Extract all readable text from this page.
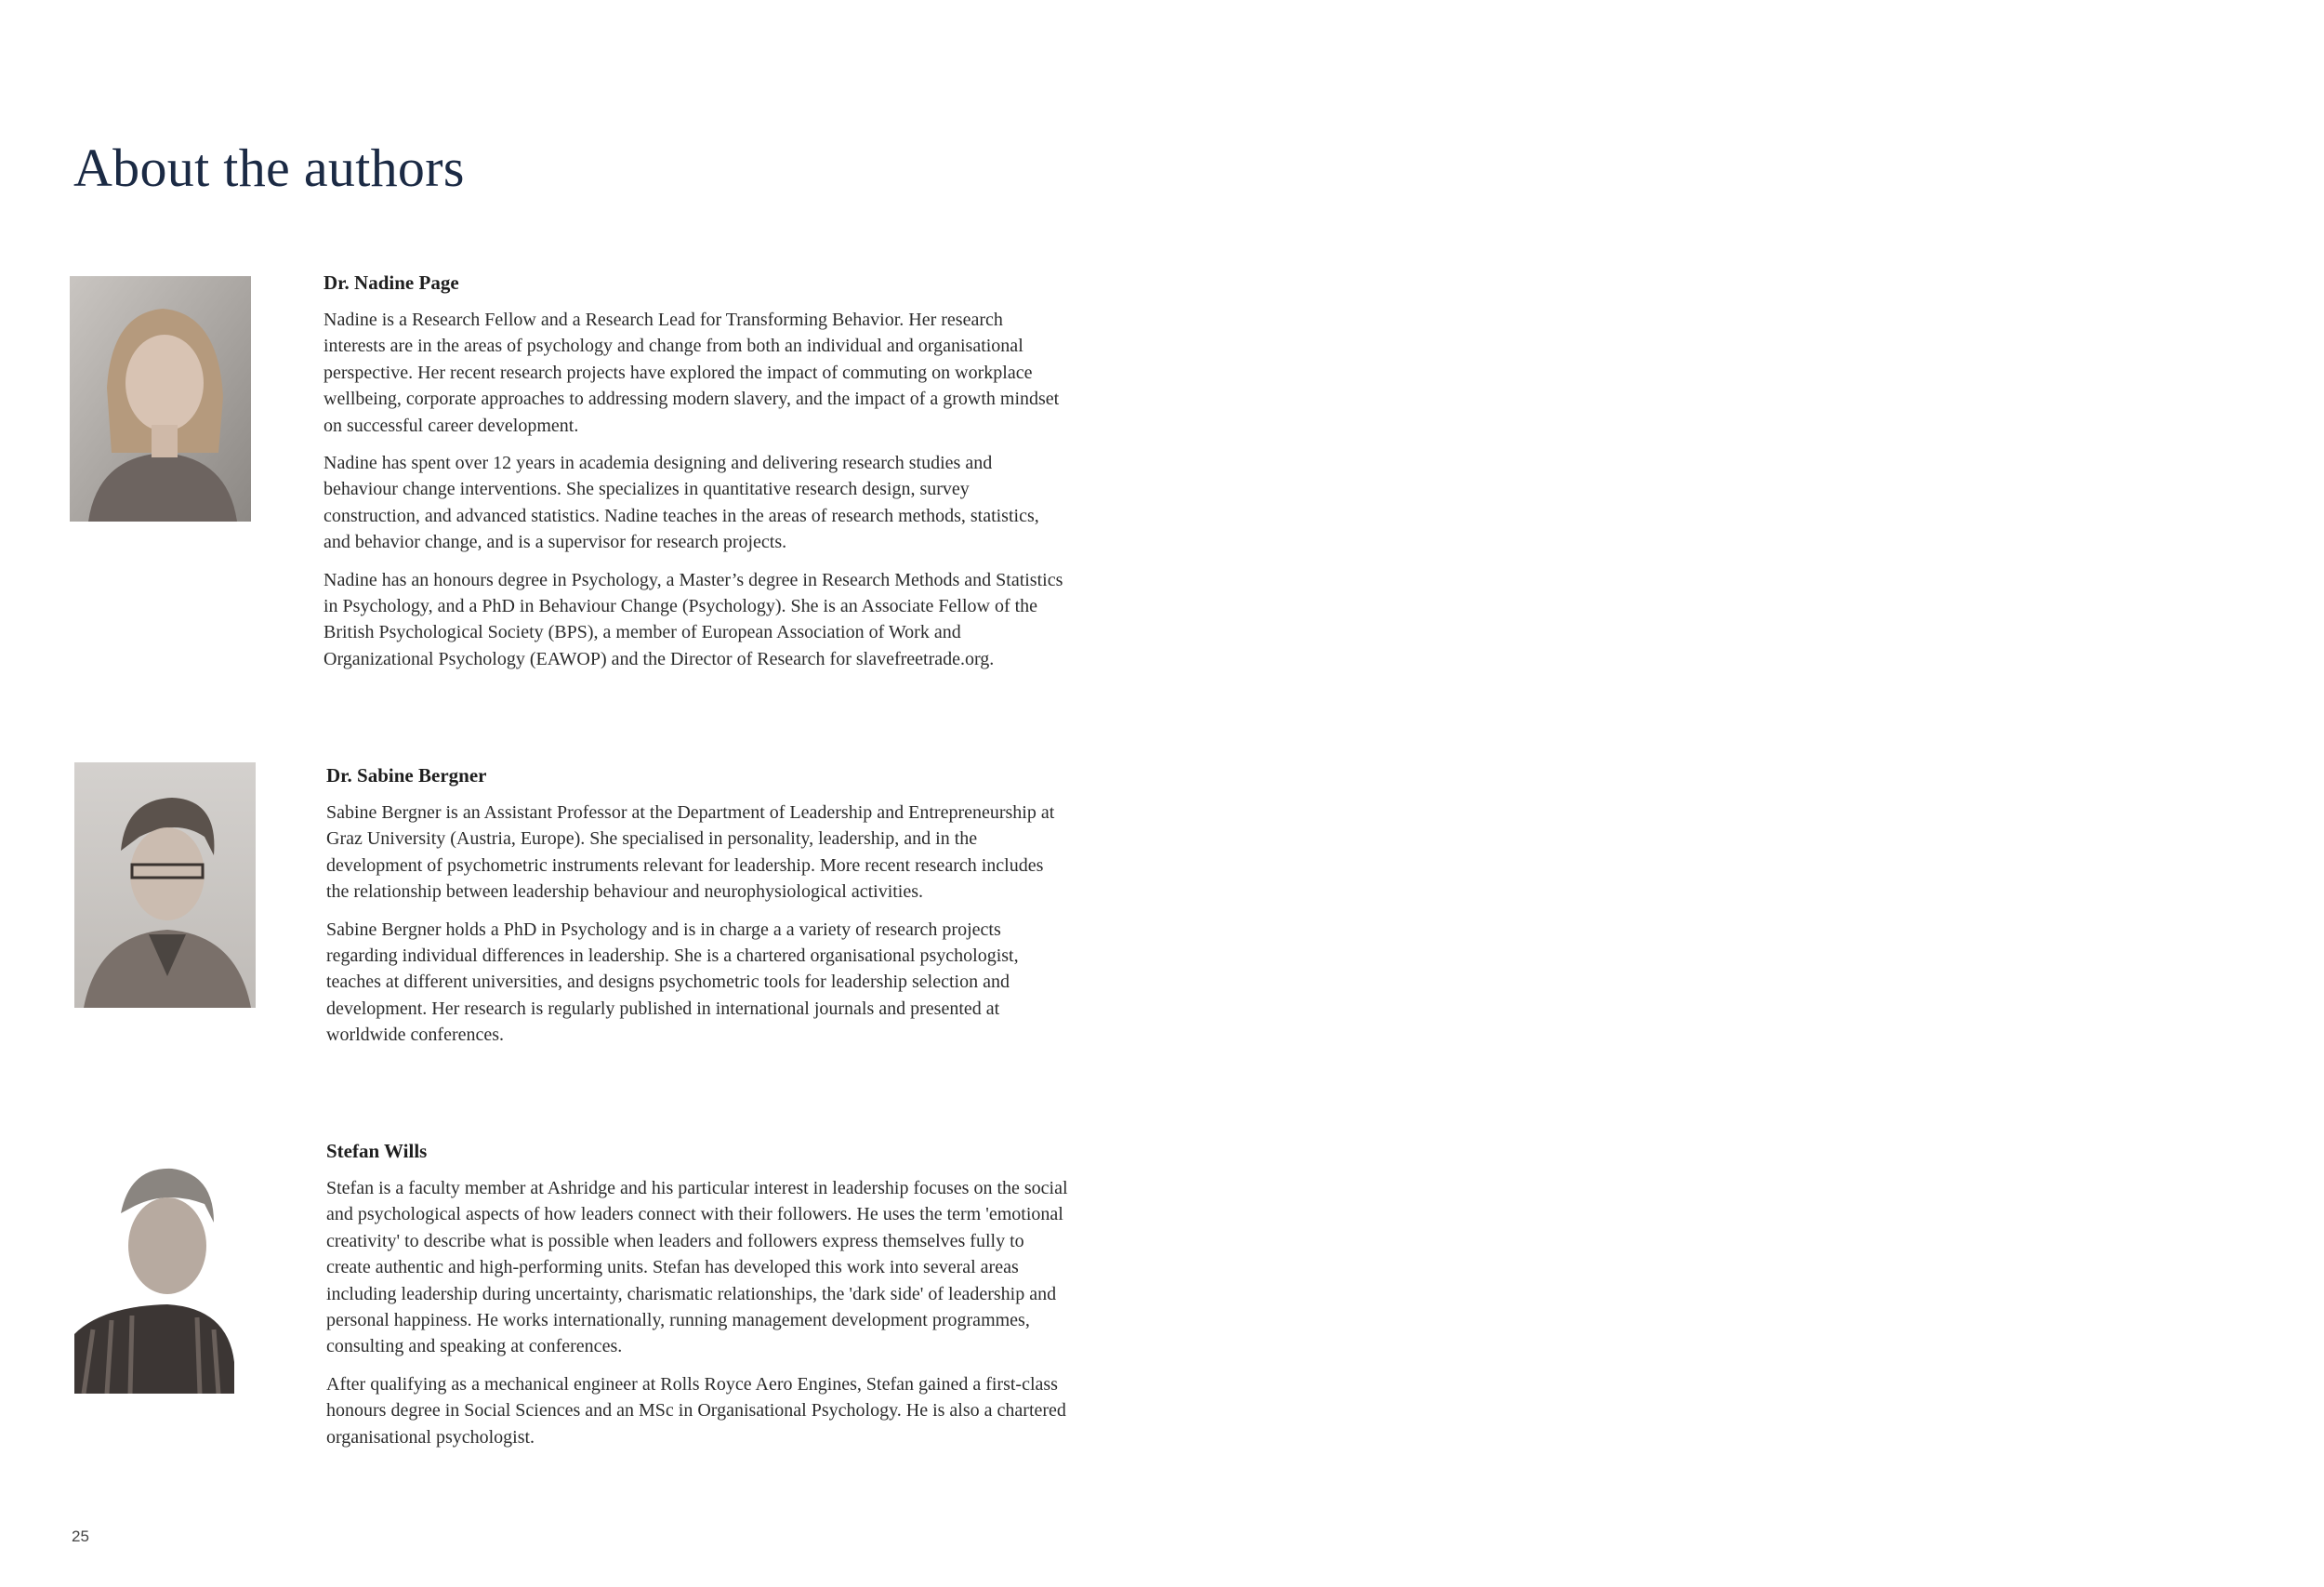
About the authors
Dr. Nadine Page

Nadine is a Research Fellow and a Research Lead for Transforming Behavior. Her research interests are in the areas of psychology and change from both an individual and organisational perspective. Her recent research projects have explored the impact of commuting on workplace wellbeing, corporate approaches to addressing modern slavery, and the impact of a growth mindset on successful career development.

Nadine has spent over 12 years in academia designing and delivering research studies and behaviour change interventions. She specializes in quantitative research design, survey construction, and advanced statistics. Nadine teaches in the areas of research methods, statistics, and behavior change, and is a supervisor for research projects.

Nadine has an honours degree in Psychology, a Master’s degree in Research Methods and Statistics in Psychology, and a PhD in Behaviour Change (Psychology). She is an Associate Fellow of the British Psychological Society (BPS), a member of European Association of Work and Organizational Psychology (EAWOP) and the Director of Research for slavefreetrade.org.

Dr. Sabine Bergner

Sabine Bergner is an Assistant Professor at the Department of Leadership and Entrepreneurship at Graz University (Austria, Europe). She specialised in personality, leadership, and in the development of psychometric instruments relevant for leadership. More recent research includes the relationship between leadership behaviour and neurophysiological activities.

Sabine Bergner holds a PhD in Psychology and is in charge a a variety of research projects regarding individual differences in leadership. She is a chartered organisational psychologist, teaches at different universities, and designs psychometric tools for leadership selection and development. Her research is regularly published in international journals and presented at worldwide conferences.

Stefan Wills

Stefan is a faculty member at Ashridge and his particular interest in leadership focuses on the social and psychological aspects of how leaders connect with their followers. He uses the term 'emotional creativity' to describe what is possible when leaders and followers express themselves fully to create authentic and high-performing units. Stefan has developed this work into several areas including leadership during uncertainty, charismatic relationships, the 'dark side' of leadership and personal happiness. He works internationally, running management development programmes, consulting and speaking at conferences.

After qualifying as a mechanical engineer at Rolls Royce Aero Engines, Stefan gained a first-class honours degree in Social Sciences and an MSc in Organisational Psychology. He is also a chartered organisational psychologist.

25
